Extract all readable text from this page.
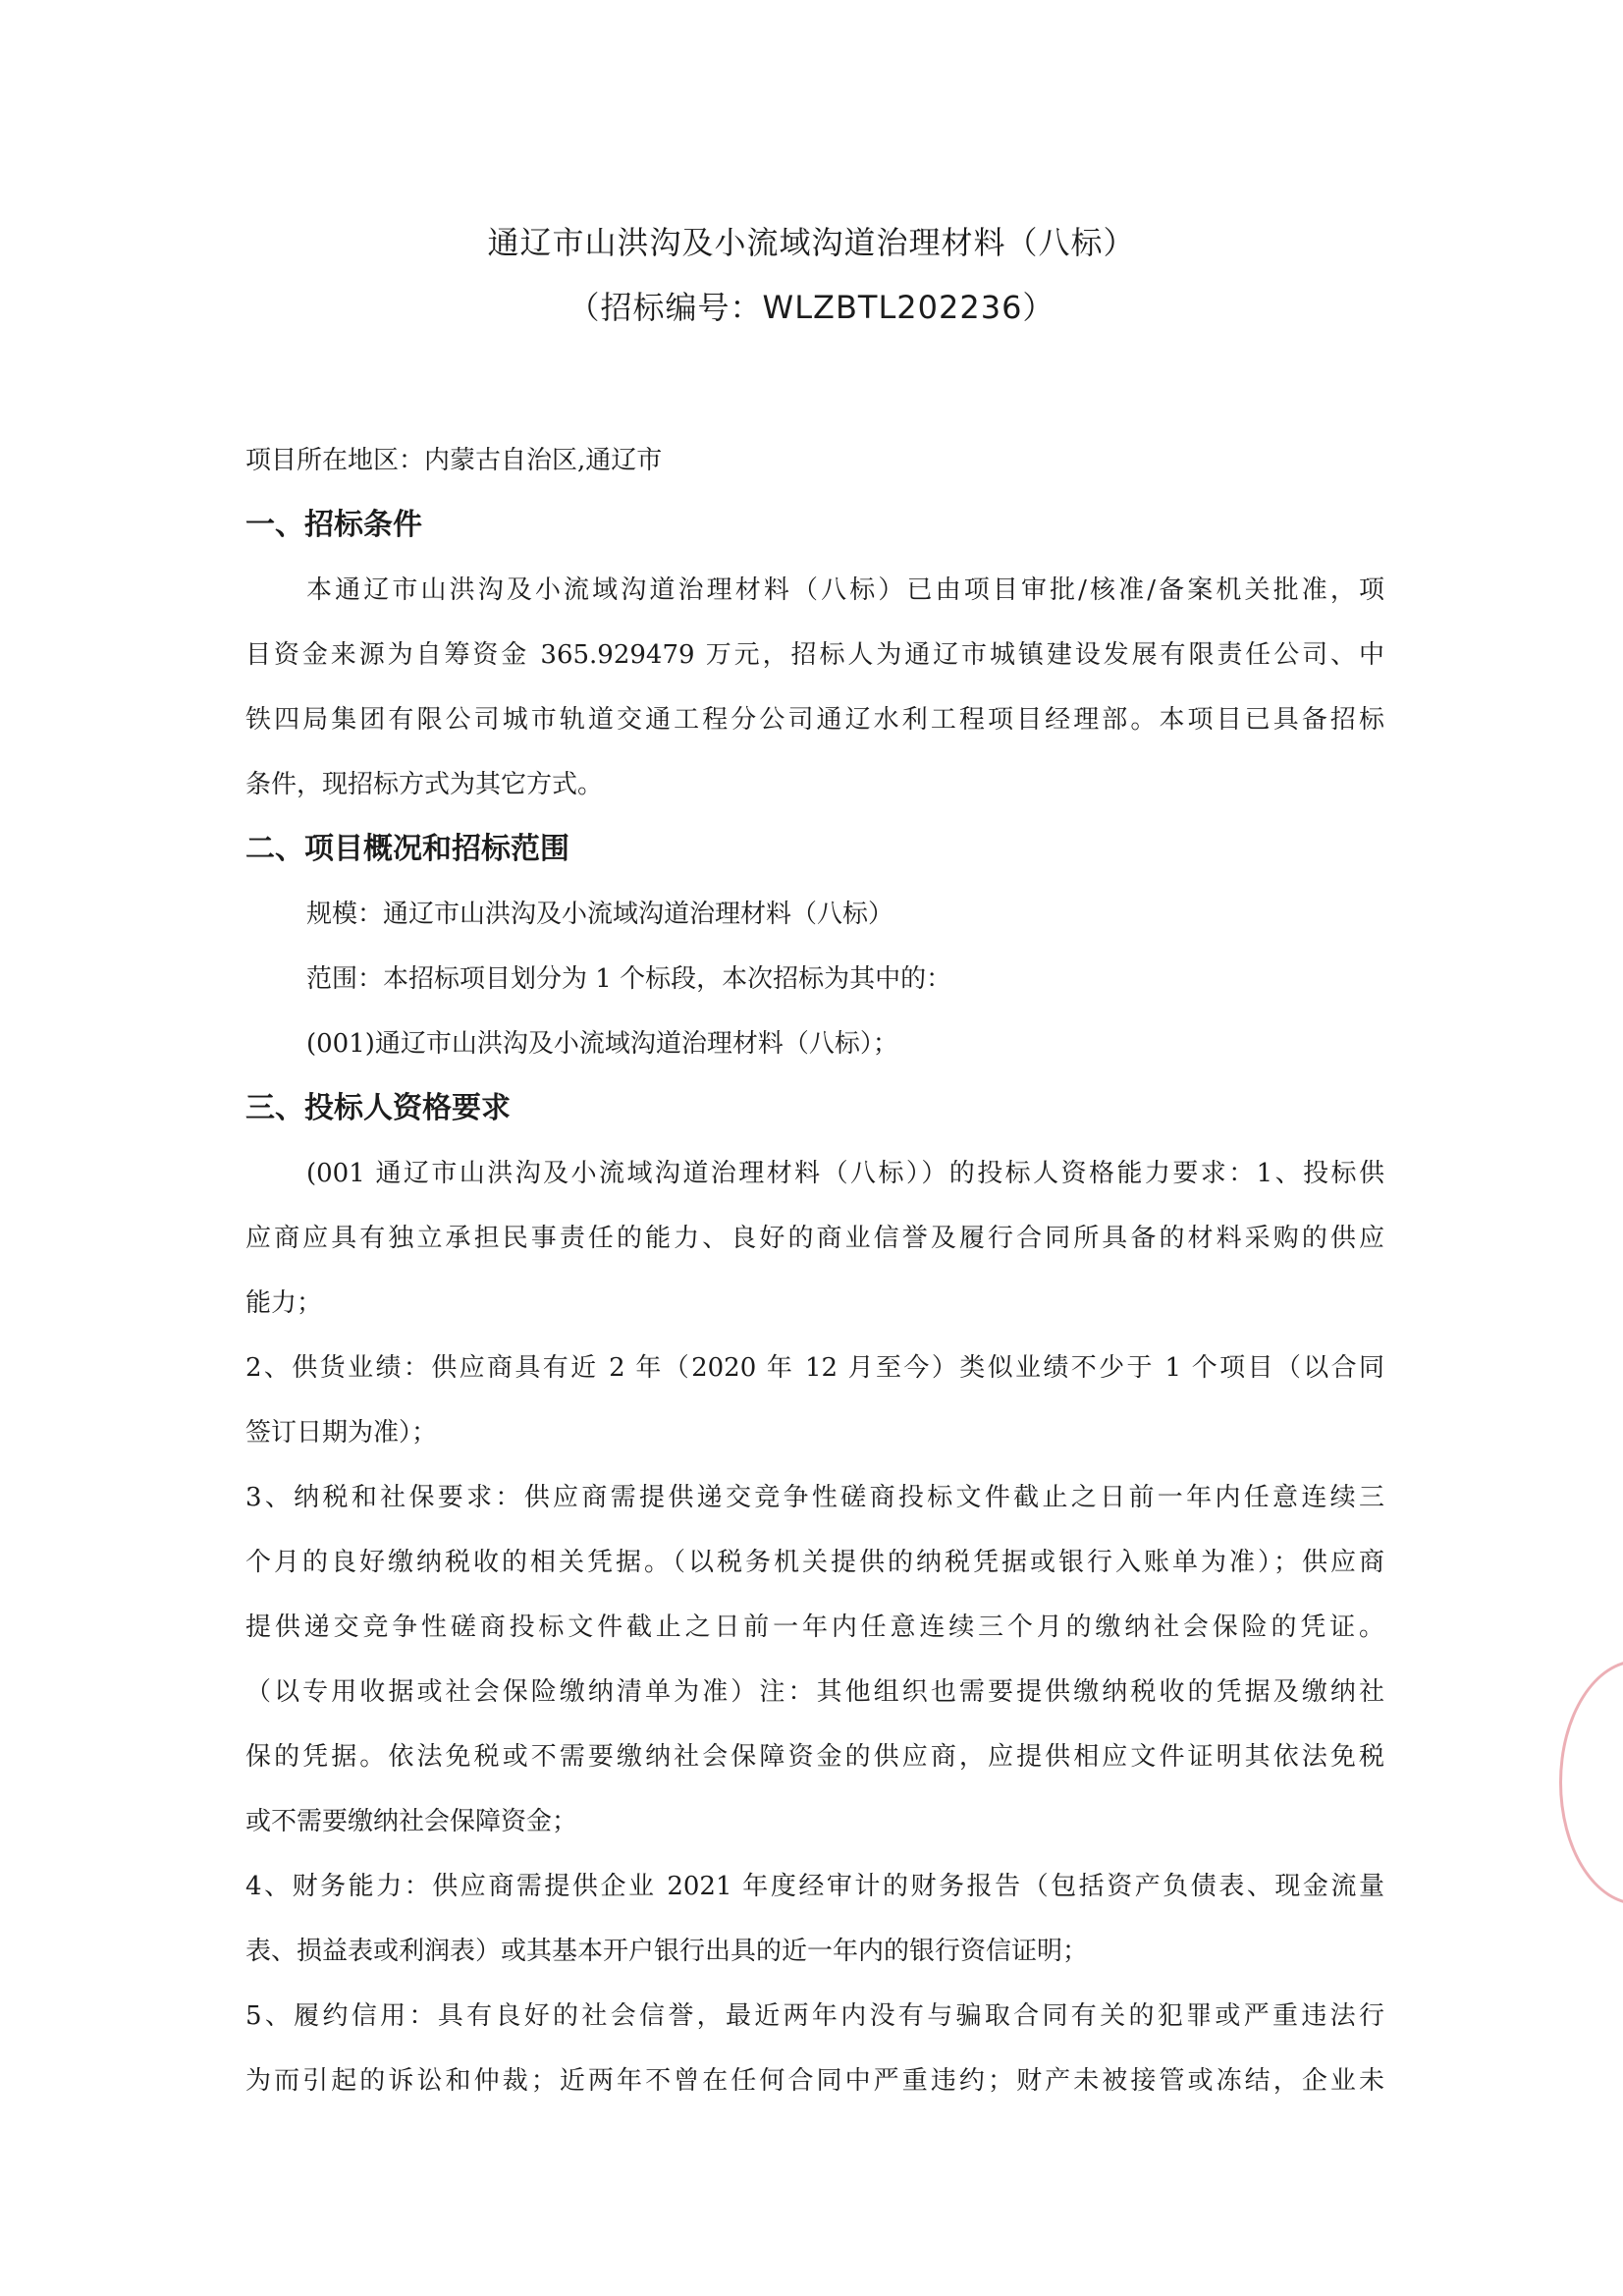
通辽市山洪沟及小流域沟道治理材料（八标）
（招标编号：WLZBTL202236）
项目所在地区：内蒙古自治区,通辽市
一、招标条件
本通辽市山洪沟及小流域沟道治理材料（八标）已由项目审批/核准/备案机关批准，项
目资金来源为自筹资金 365.929479 万元，招标人为通辽市城镇建设发展有限责任公司、中
铁四局集团有限公司城市轨道交通工程分公司通辽水利工程项目经理部。本项目已具备招标
条件，现招标方式为其它方式。
二、项目概况和招标范围
规模：通辽市山洪沟及小流域沟道治理材料（八标）
范围：本招标项目划分为 1 个标段，本次招标为其中的：
(001)通辽市山洪沟及小流域沟道治理材料（八标）；
三、投标人资格要求
(001 通辽市山洪沟及小流域沟道治理材料（八标））的投标人资格能力要求：1、投标供
应商应具有独立承担民事责任的能力、良好的商业信誉及履行合同所具备的材料采购的供应
能力；
2、供货业绩：供应商具有近 2 年（2020 年 12 月至今）类似业绩不少于 1 个项目（以合同
签订日期为准）；
3、纳税和社保要求：供应商需提供递交竞争性磋商投标文件截止之日前一年内任意连续三
个月的良好缴纳税收的相关凭据。（以税务机关提供的纳税凭据或银行入账单为准）；供应商
提供递交竞争性磋商投标文件截止之日前一年内任意连续三个月的缴纳社会保险的凭证。
（以专用收据或社会保险缴纳清单为准）注：其他组织也需要提供缴纳税收的凭据及缴纳社
保的凭据。依法免税或不需要缴纳社会保障资金的供应商，应提供相应文件证明其依法免税
或不需要缴纳社会保障资金；
4、财务能力：供应商需提供企业 2021 年度经审计的财务报告（包括资产负债表、现金流量
表、损益表或利润表）或其基本开户银行出具的近一年内的银行资信证明；
5、履约信用：具有良好的社会信誉，最近两年内没有与骗取合同有关的犯罪或严重违法行
为而引起的诉讼和仲裁；近两年不曾在任何合同中严重违约；财产未被接管或冻结，企业未
